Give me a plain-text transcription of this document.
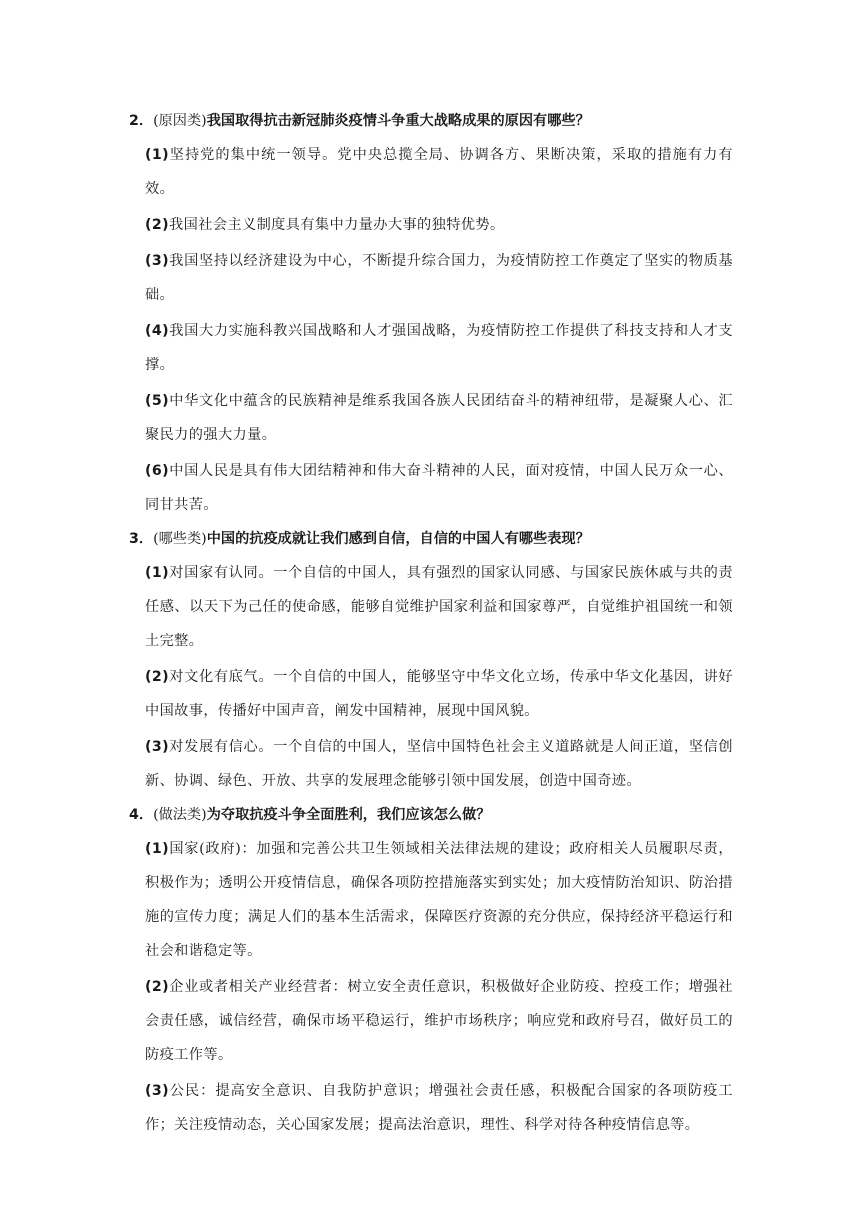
2．(原因类)我国取得抗击新冠肺炎疫情斗争重大战略成果的原因有哪些？
(1)坚持党的集中统一领导。党中央总揽全局、协调各方、果断决策，采取的措施有力有效。
(2)我国社会主义制度具有集中力量办大事的独特优势。
(3)我国坚持以经济建设为中心，不断提升综合国力，为疫情防控工作奠定了坚实的物质基础。
(4)我国大力实施科教兴国战略和人才强国战略，为疫情防控工作提供了科技支持和人才支撑。
(5)中华文化中蕴含的民族精神是维系我国各族人民团结奋斗的精神纽带，是凝聚人心、汇聚民力的强大力量。
(6)中国人民是具有伟大团结精神和伟大奋斗精神的人民，面对疫情，中国人民万众一心、同甘共苦。
3．(哪些类)中国的抗疫成就让我们感到自信，自信的中国人有哪些表现？
(1)对国家有认同。一个自信的中国人，具有强烈的国家认同感、与国家民族休戚与共的责任感、以天下为己任的使命感，能够自觉维护国家利益和国家尊严，自觉维护祖国统一和领土完整。
(2)对文化有底气。一个自信的中国人，能够坚守中华文化立场，传承中华文化基因，讲好中国故事，传播好中国声音，阐发中国精神，展现中国风貌。
(3)对发展有信心。一个自信的中国人，坚信中国特色社会主义道路就是人间正道，坚信创新、协调、绿色、开放、共享的发展理念能够引领中国发展，创造中国奇迹。
4．(做法类)为夺取抗疫斗争全面胜利，我们应该怎么做？
(1)国家(政府)：加强和完善公共卫生领域相关法律法规的建设；政府相关人员履职尽责，积极作为；透明公开疫情信息，确保各项防控措施落实到实处；加大疫情防治知识、防治措施的宣传力度；满足人们的基本生活需求，保障医疗资源的充分供应，保持经济平稳运行和社会和谐稳定等。
(2)企业或者相关产业经营者：树立安全责任意识，积极做好企业防疫、控疫工作；增强社会责任感，诚信经营，确保市场平稳运行，维护市场秩序；响应党和政府号召，做好员工的防疫工作等。
(3)公民：提高安全意识、自我防护意识；增强社会责任感，积极配合国家的各项防疫工作；关注疫情动态，关心国家发展；提高法治意识，理性、科学对待各种疫情信息等。
